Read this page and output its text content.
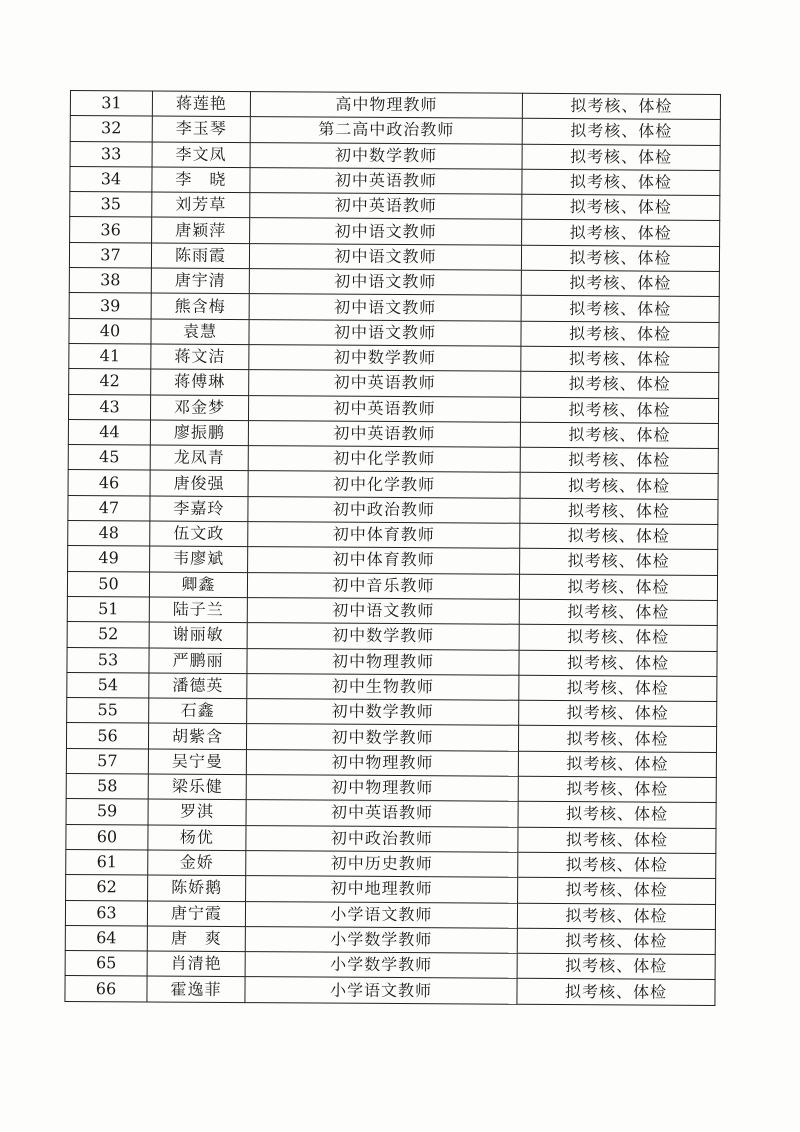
31	蒋莲艳	高中物理教师	拟考核、体检
32	李玉琴	第二高中政治教师	拟考核、体检
33	李文凤	初中数学教师	拟考核、体检
34	李　晓	初中英语教师	拟考核、体检
35	刘芳草	初中英语教师	拟考核、体检
36	唐颖萍	初中语文教师	拟考核、体检
37	陈雨霞	初中语文教师	拟考核、体检
38	唐宇清	初中语文教师	拟考核、体检
39	熊含梅	初中语文教师	拟考核、体检
40	袁慧	初中语文教师	拟考核、体检
41	蒋文洁	初中数学教师	拟考核、体检
42	蒋傅琳	初中英语教师	拟考核、体检
43	邓金梦	初中英语教师	拟考核、体检
44	廖振鹏	初中英语教师	拟考核、体检
45	龙凤青	初中化学教师	拟考核、体检
46	唐俊强	初中化学教师	拟考核、体检
47	李嘉玲	初中政治教师	拟考核、体检
48	伍文政	初中体育教师	拟考核、体检
49	韦廖斌	初中体育教师	拟考核、体检
50	卿鑫	初中音乐教师	拟考核、体检
51	陆子兰	初中语文教师	拟考核、体检
52	谢丽敏	初中数学教师	拟考核、体检
53	严鹏丽	初中物理教师	拟考核、体检
54	潘德英	初中生物教师	拟考核、体检
55	石鑫	初中数学教师	拟考核、体检
56	胡紫含	初中数学教师	拟考核、体检
57	吴宁曼	初中物理教师	拟考核、体检
58	梁乐健	初中物理教师	拟考核、体检
59	罗淇	初中英语教师	拟考核、体检
60	杨优	初中政治教师	拟考核、体检
61	金娇	初中历史教师	拟考核、体检
62	陈娇鹅	初中地理教师	拟考核、体检
63	唐宁霞	小学语文教师	拟考核、体检
64	唐　爽	小学数学教师	拟考核、体检
65	肖清艳	小学数学教师	拟考核、体检
66	霍逸菲	小学语文教师	拟考核、体检
